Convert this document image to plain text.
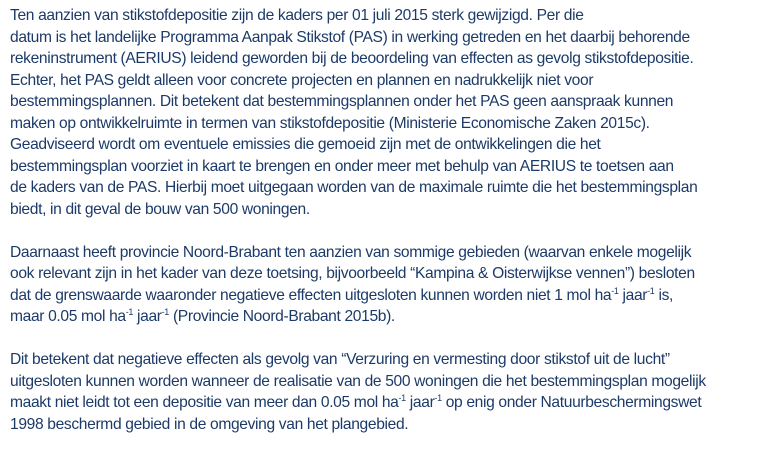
Ten aanzien van stikstofdepositie zijn de kaders per 01 juli 2015 sterk gewijzigd. Per die
datum is het landelijke Programma Aanpak Stikstof (PAS) in werking getreden en het daarbij behorende
rekeninstrument (AERIUS) leidend geworden bij de beoordeling van effecten as gevolg stikstofdepositie.
Echter, het PAS geldt alleen voor concrete projecten en plannen en nadrukkelijk niet voor
bestemmingsplannen. Dit betekent dat bestemmingsplannen onder het PAS geen aanspraak kunnen
maken op ontwikkelruimte in termen van stikstofdepositie (Ministerie Economische Zaken 2015c).
Geadviseerd wordt om eventuele emissies die gemoeid zijn met de ontwikkelingen die het
bestemmingsplan voorziet in kaart te brengen en onder meer met behulp van AERIUS te toetsen aan
de kaders van de PAS. Hierbij moet uitgegaan worden van de maximale ruimte die het bestemmingsplan
biedt, in dit geval de bouw van 500 woningen.
Daarnaast heeft provincie Noord-Brabant ten aanzien van sommige gebieden (waarvan enkele mogelijk
ook relevant zijn in het kader van deze toetsing, bijvoorbeeld “Kampina & Oisterwijkse vennen”) besloten
dat de grenswaarde waaronder negatieve effecten uitgesloten kunnen worden niet 1 mol $ha^{-1}$ jaar$^{-1}$ is,
maar 0.05 mol $ha^{-1}$ jaar$^{-1}$ (Provincie Noord-Brabant 2015b).
Dit betekent dat negatieve effecten als gevolg van “Verzuring en vermesting door stikstof uit de lucht”
uitgesloten kunnen worden wanneer de realisatie van de 500 woningen die het bestemmingsplan mogelijk
maakt niet leidt tot een depositie van meer dan 0.05 mol $ha^{-1}$ jaar$^{-1}$ op enig onder Natuurbeschermingswet
1998 beschermd gebied in de omgeving van het plangebied.
